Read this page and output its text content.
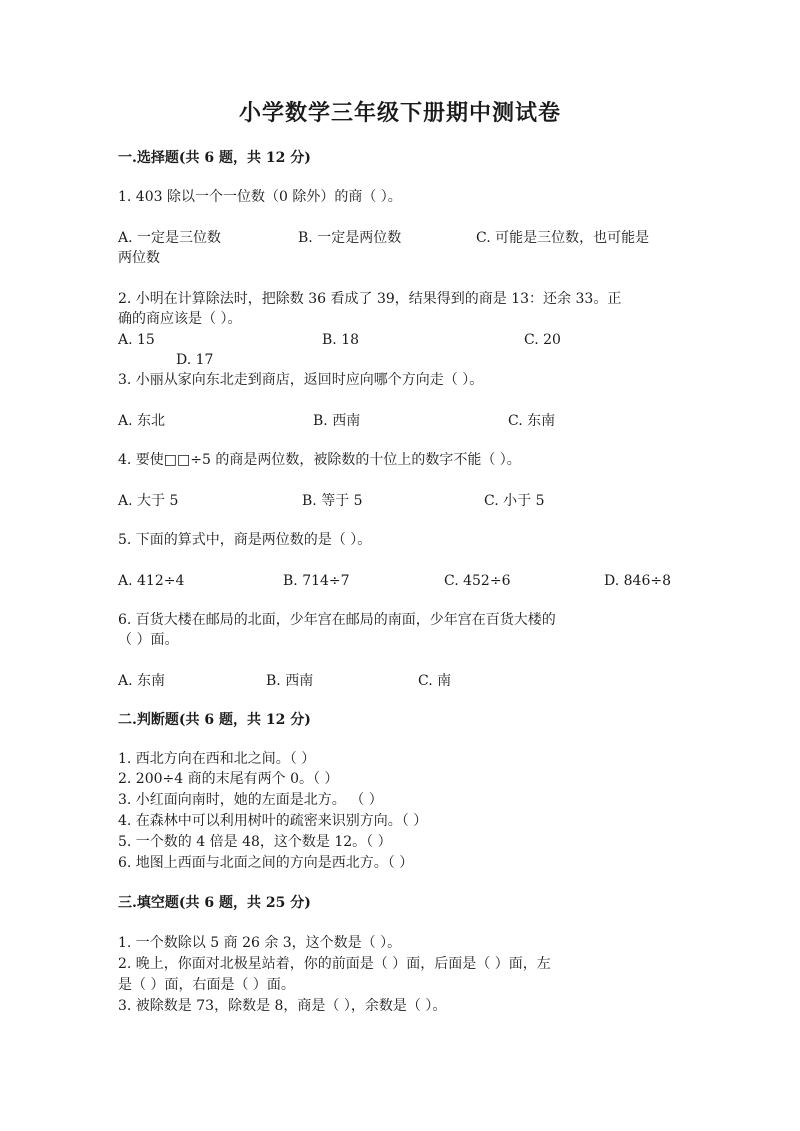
小学数学三年级下册期中测试卷
一.选择题(共 6 题，共 12 分)
1. 403 除以一个一位数（0 除外）的商（ ）。
A. 一定是三位数	B. 一定是两位数	C. 可能是三位数，也可能是
两位数
2. 小明在计算除法时，把除数 36 看成了 39，结果得到的商是 13：还余 33。正
确的商应该是（ ）。
A. 15	B. 18	C. 20
D. 17
3. 小丽从家向东北走到商店，返回时应向哪个方向走（ ）。
A. 东北	B. 西南	C. 东南
4. 要使□□÷5 的商是两位数，被除数的十位上的数字不能（ ）。
A. 大于 5	B. 等于 5	C. 小于 5
5. 下面的算式中，商是两位数的是（ ）。
A. 412÷4	B. 714÷7	C. 452÷6	D. 846÷8
6. 百货大楼在邮局的北面，少年宫在邮局的南面，少年宫在百货大楼的
（ ）面。
A. 东南	B. 西南	C. 南
二.判断题(共 6 题，共 12 分)
1. 西北方向在西和北之间。（ ）
2. 200÷4 商的末尾有两个 0。（ ）
3. 小红面向南时，她的左面是北方。 （ ）
4. 在森林中可以利用树叶的疏密来识别方向。（ ）
5. 一个数的 4 倍是 48，这个数是 12。（ ）
6. 地图上西面与北面之间的方向是西北方。（ ）
三.填空题(共 6 题，共 25 分)
1. 一个数除以 5 商 26 余 3，这个数是（ ）。
2. 晚上，你面对北极星站着，你的前面是（ ）面，后面是（ ）面，左
是（ ）面，右面是（ ）面。
3. 被除数是 73，除数是 8，商是（ ），余数是（ ）。
